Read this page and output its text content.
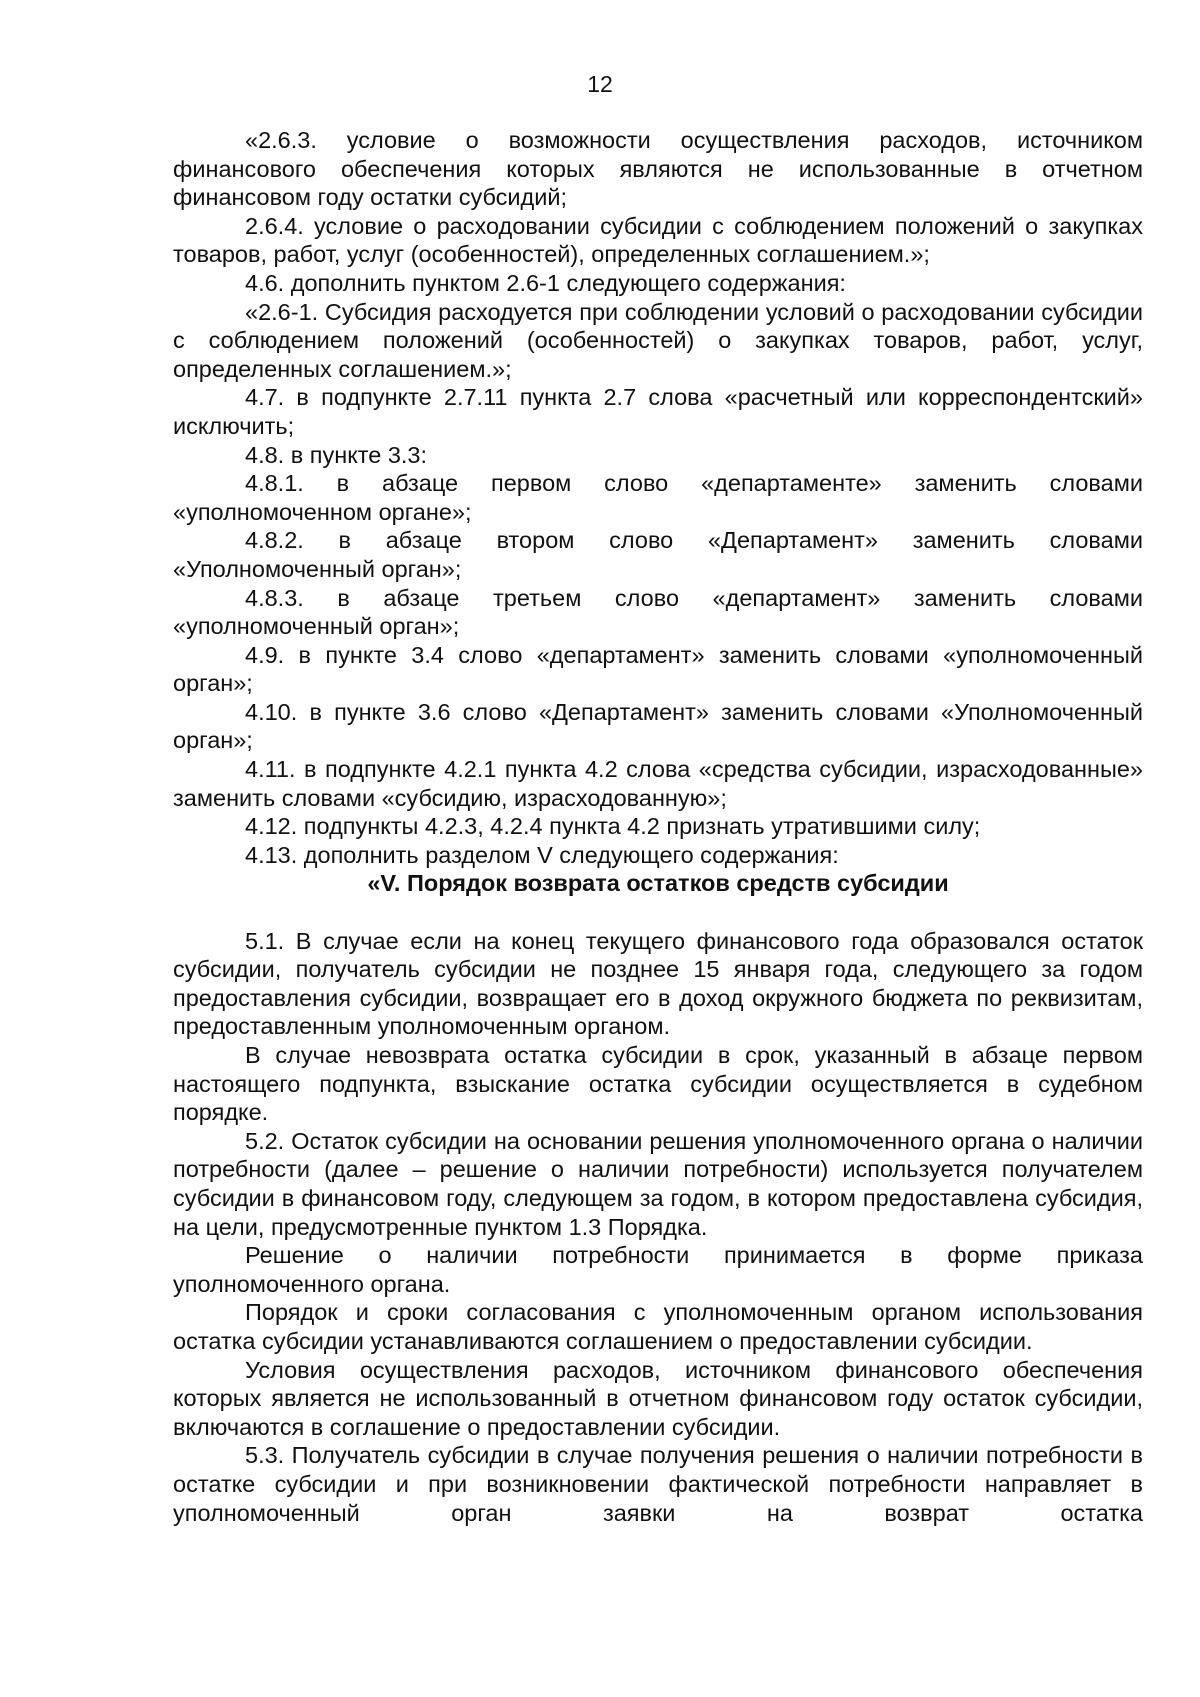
12

«2.6.3. условие о возможности осуществления расходов, источником финансового обеспечения которых являются не использованные в отчетном финансовом году остатки субсидий;

2.6.4. условие о расходовании субсидии с соблюдением положений о закупках товаров, работ, услуг (особенностей), определенных соглашением.»;

4.6. дополнить пунктом 2.6-1 следующего содержания:

«2.6-1. Субсидия расходуется при соблюдении условий о расходовании субсидии с соблюдением положений (особенностей) о закупках товаров, работ, услуг, определенных соглашением.»;

4.7. в подпункте 2.7.11 пункта 2.7 слова «расчетный или корреспондентский» исключить;

4.8. в пункте 3.3:

4.8.1. в абзаце первом слово «департаменте» заменить словами «уполномоченном органе»;

4.8.2. в абзаце втором слово «Департамент» заменить словами «Уполномоченный орган»;

4.8.3. в абзаце третьем слово «департамент» заменить словами «уполномоченный орган»;

4.9. в пункте 3.4 слово «департамент» заменить словами «уполномоченный орган»;

4.10. в пункте 3.6 слово «Департамент» заменить словами «Уполномоченный орган»;

4.11. в подпункте 4.2.1 пункта 4.2 слова «средства субсидии, израсходованные» заменить словами «субсидию, израсходованную»;

4.12. подпункты 4.2.3, 4.2.4 пункта 4.2 признать утратившими силу;

4.13. дополнить разделом V следующего содержания:

«V. Порядок возврата остатков средств субсидии

5.1. В случае если на конец текущего финансового года образовался остаток субсидии, получатель субсидии не позднее 15 января года, следующего за годом предоставления субсидии, возвращает его в доход окружного бюджета по реквизитам, предоставленным уполномоченным органом.

В случае невозврата остатка субсидии в срок, указанный в абзаце первом настоящего подпункта, взыскание остатка субсидии осуществляется в судебном порядке.

5.2. Остаток субсидии на основании решения уполномоченного органа о наличии потребности (далее – решение о наличии потребности) используется получателем субсидии в финансовом году, следующем за годом, в котором предоставлена субсидия, на цели, предусмотренные пунктом 1.3 Порядка.

Решение о наличии потребности принимается в форме приказа уполномоченного органа.

Порядок и сроки согласования с уполномоченным органом использования остатка субсидии устанавливаются соглашением о предоставлении субсидии.

Условия осуществления расходов, источником финансового обеспечения которых является не использованный в отчетном финансовом году остаток субсидии, включаются в соглашение о предоставлении субсидии.

5.3. Получатель субсидии в случае получения решения о наличии потребности в остатке субсидии и при возникновении фактической потребности направляет в уполномоченный орган заявки на возврат остатка
